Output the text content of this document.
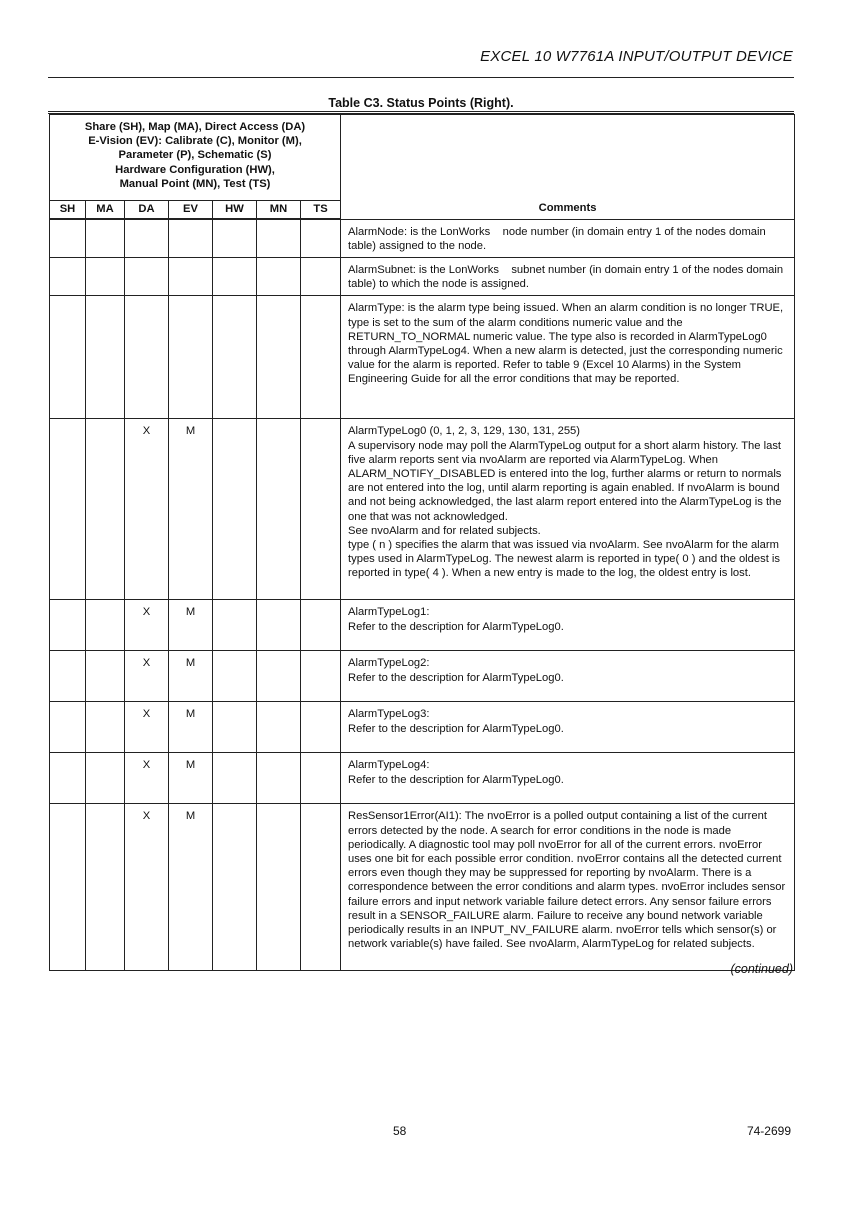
EXCEL 10 W7761A INPUT/OUTPUT DEVICE
Table C3. Status Points (Right).
Share (SH), Map (MA), Direct Access (DA)
E-Vision (EV): Calibrate (C), Monitor (M),
Parameter (P), Schematic (S)
Hardware Configuration (HW),
Manual Point (MN), Test (TS)							Comments
SH	MA	DA	EV	HW	MN	TS	

							AlarmNode: is the LonWorks    node number (in domain entry 1 of the nodes domain table) assigned to the node.

							AlarmSubnet: is the LonWorks    subnet number (in domain entry 1 of the nodes domain table) to which the node is assigned.

							AlarmType: is the alarm type being issued. When an alarm condition is no longer TRUE, type is set to the sum of the alarm conditions numeric value and the RETURN_TO_NORMAL numeric value. The type also is recorded in AlarmTypeLog0 through AlarmTypeLog4. When a new alarm is detected, just the corresponding numeric value for the alarm is reported. Refer to table 9 (Excel 10 Alarms) in the System Engineering Guide for all the error conditions that may be reported.

		X	M				AlarmTypeLog0 (0, 1, 2, 3, 129, 130, 131, 255)
A supervisory node may poll the AlarmTypeLog output for a short alarm history. The last five alarm reports sent via nvoAlarm are reported via AlarmTypeLog. When ALARM_NOTIFY_DISABLED is entered into the log, further alarms or return to normals are not entered into the log, until alarm reporting is again enabled. If nvoAlarm is bound and not being acknowledged, the last alarm report entered into the AlarmTypeLog is the one that was not acknowledged.
See nvoAlarm and for related subjects.
type ( n ) specifies the alarm that was issued via nvoAlarm. See nvoAlarm for the alarm types used in AlarmTypeLog. The newest alarm is reported in type( 0 ) and the oldest is reported in type( 4 ). When a new entry is made to the log, the oldest entry is lost.

		X	M				AlarmTypeLog1:
Refer to the description for AlarmTypeLog0.

		X	M				AlarmTypeLog2:
Refer to the description for AlarmTypeLog0.

		X	M				AlarmTypeLog3:
Refer to the description for AlarmTypeLog0.

		X	M				AlarmTypeLog4:
Refer to the description for AlarmTypeLog0.

		X	M				ResSensor1Error(AI1): The nvoError is a polled output containing a list of the current errors detected by the node. A search for error conditions in the node is made periodically. A diagnostic tool may poll nvoError for all of the current errors. nvoError uses one bit for each possible error condition. nvoError contains all the detected current errors even though they may be suppressed for reporting by nvoAlarm. There is a correspondence between the error conditions and alarm types. nvoError includes sensor failure errors and input network variable failure detect errors. Any sensor failure errors result in a SENSOR_FAILURE alarm. Failure to receive any bound network variable periodically results in an INPUT_NV_FAILURE alarm. nvoError tells which sensor(s) or network variable(s) have failed. See nvoAlarm, AlarmTypeLog for related subjects.
(continued)
58	74-2699
